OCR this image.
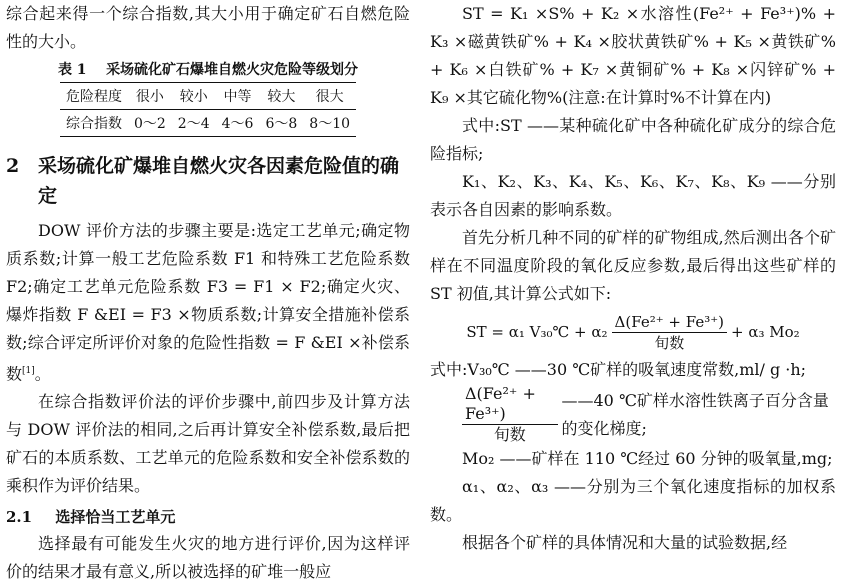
综合起来得一个综合指数,其大小用于确定矿石自燃危险性的大小。

表 1 采场硫化矿石爆堆自燃火灾危险等级划分
危险程度	很小	较小	中等	较大	很大
综合指数	0～2	2～4	4～6	6～8	8～10
2 采场硫化矿爆堆自燃火灾各因素危险值的确定

DOW 评价方法的步骤主要是:选定工艺单元;确定物质系数;计算一般工艺危险系数 F1 和特殊工艺危险系数 F2;确定工艺单元危险系数 F3 = F1 × F2;确定火灾、爆炸指数 F &EI = F3 ×物质系数;计算安全措施补偿系数;综合评定所评价对象的危险性指数 = F &EI ×补偿系数[1]。

在综合指数评价法的评价步骤中,前四步及计算方法与 DOW 评价法的相同,之后再计算安全补偿系数,最后把矿石的本质系数、工艺单元的危险系数和安全补偿系数的乘积作为评价结果。

2.1 选择恰当工艺单元

选择最有可能发生火灾的地方进行评价,因为这样评价的结果才最有意义,所以被选择的矿堆一般应

ST = K₁ ×S% + K₂ ×水溶性(Fe²⁺ + Fe³⁺)% + K₃ ×磁黄铁矿% + K₄ ×胶状黄铁矿% + K₅ ×黄铁矿% + K₆ ×白铁矿% + K₇ ×黄铜矿% + K₈ ×闪锌矿% + K₉ ×其它硫化物%(注意:在计算时%不计算在内)

式中:ST ——某种硫化矿中各种硫化矿成分的综合危险指标;

K₁、K₂、K₃、K₄、K₅、K₆、K₇、K₈、K₉ ——分别表示各自因素的影响系数。

首先分析几种不同的矿样的矿物组成,然后测出各个矿样在不同温度阶段的氧化反应参数,最后得出这些矿样的 ST 初值,其计算公式如下:

ST = α₁ V₃₀℃ + $\alpha_2 \frac{\text{Δ(Fe²⁺ + Fe³⁺)}}{\text{旬数}} + \alpha_3$ Mo₂

式中:V₃₀℃ ——30 ℃矿样的吸氧速度常数,ml/ g ·h;

$\frac{\text{Δ(Fe²⁺ + Fe³⁺)}}{\text{旬数}}$ ——40 ℃矿样水溶性铁离子百分含量的变化梯度;

Mo₂ ——矿样在 110 ℃经过 60 分钟的吸氧量,mg;

α₁、α₂、α₃ ——分别为三个氧化速度指标的加权系数。

根据各个矿样的具体情况和大量的试验数据,经
